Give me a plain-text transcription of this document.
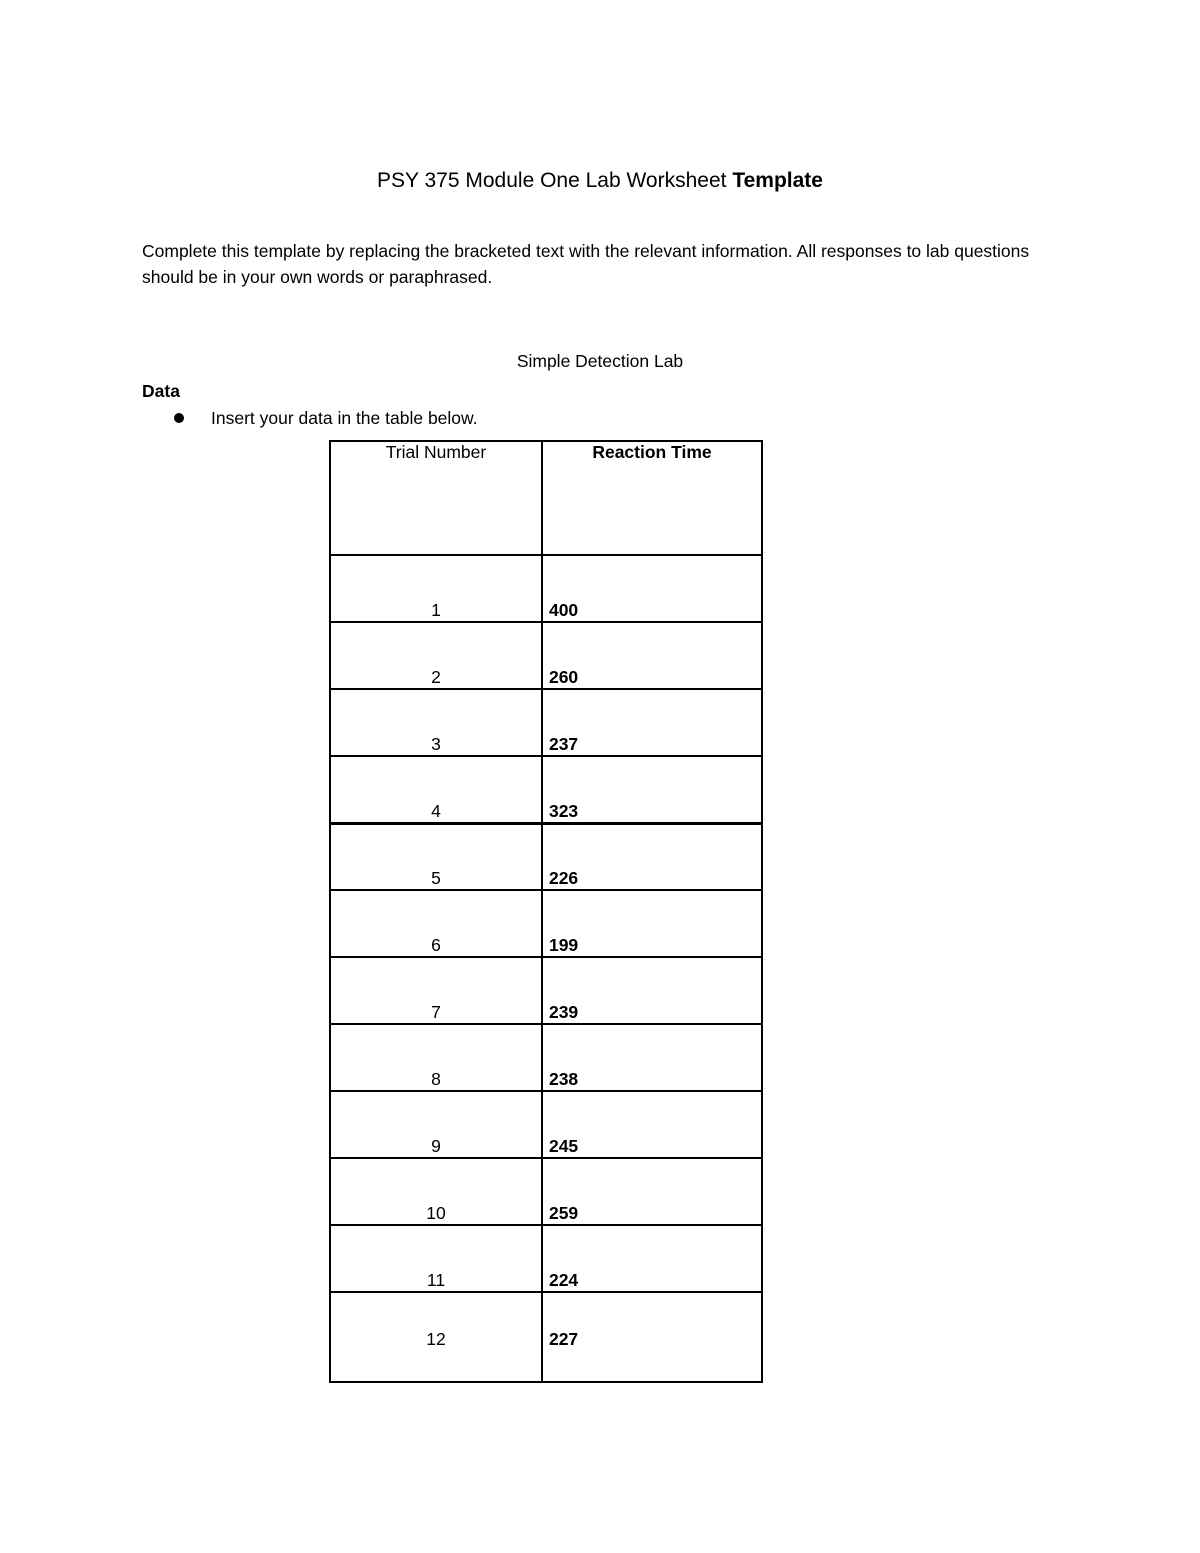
PSY 375 Module One Lab Worksheet Template
Complete this template by replacing the bracketed text with the relevant information. All responses to lab questions should be in your own words or paraphrased.
Simple Detection Lab
Data
Insert your data in the table below.
Trial Number	Reaction Time
1	400
2	260
3	237
4	323
5	226
6	199
7	239
8	238
9	245
10	259
11	224
12	227
